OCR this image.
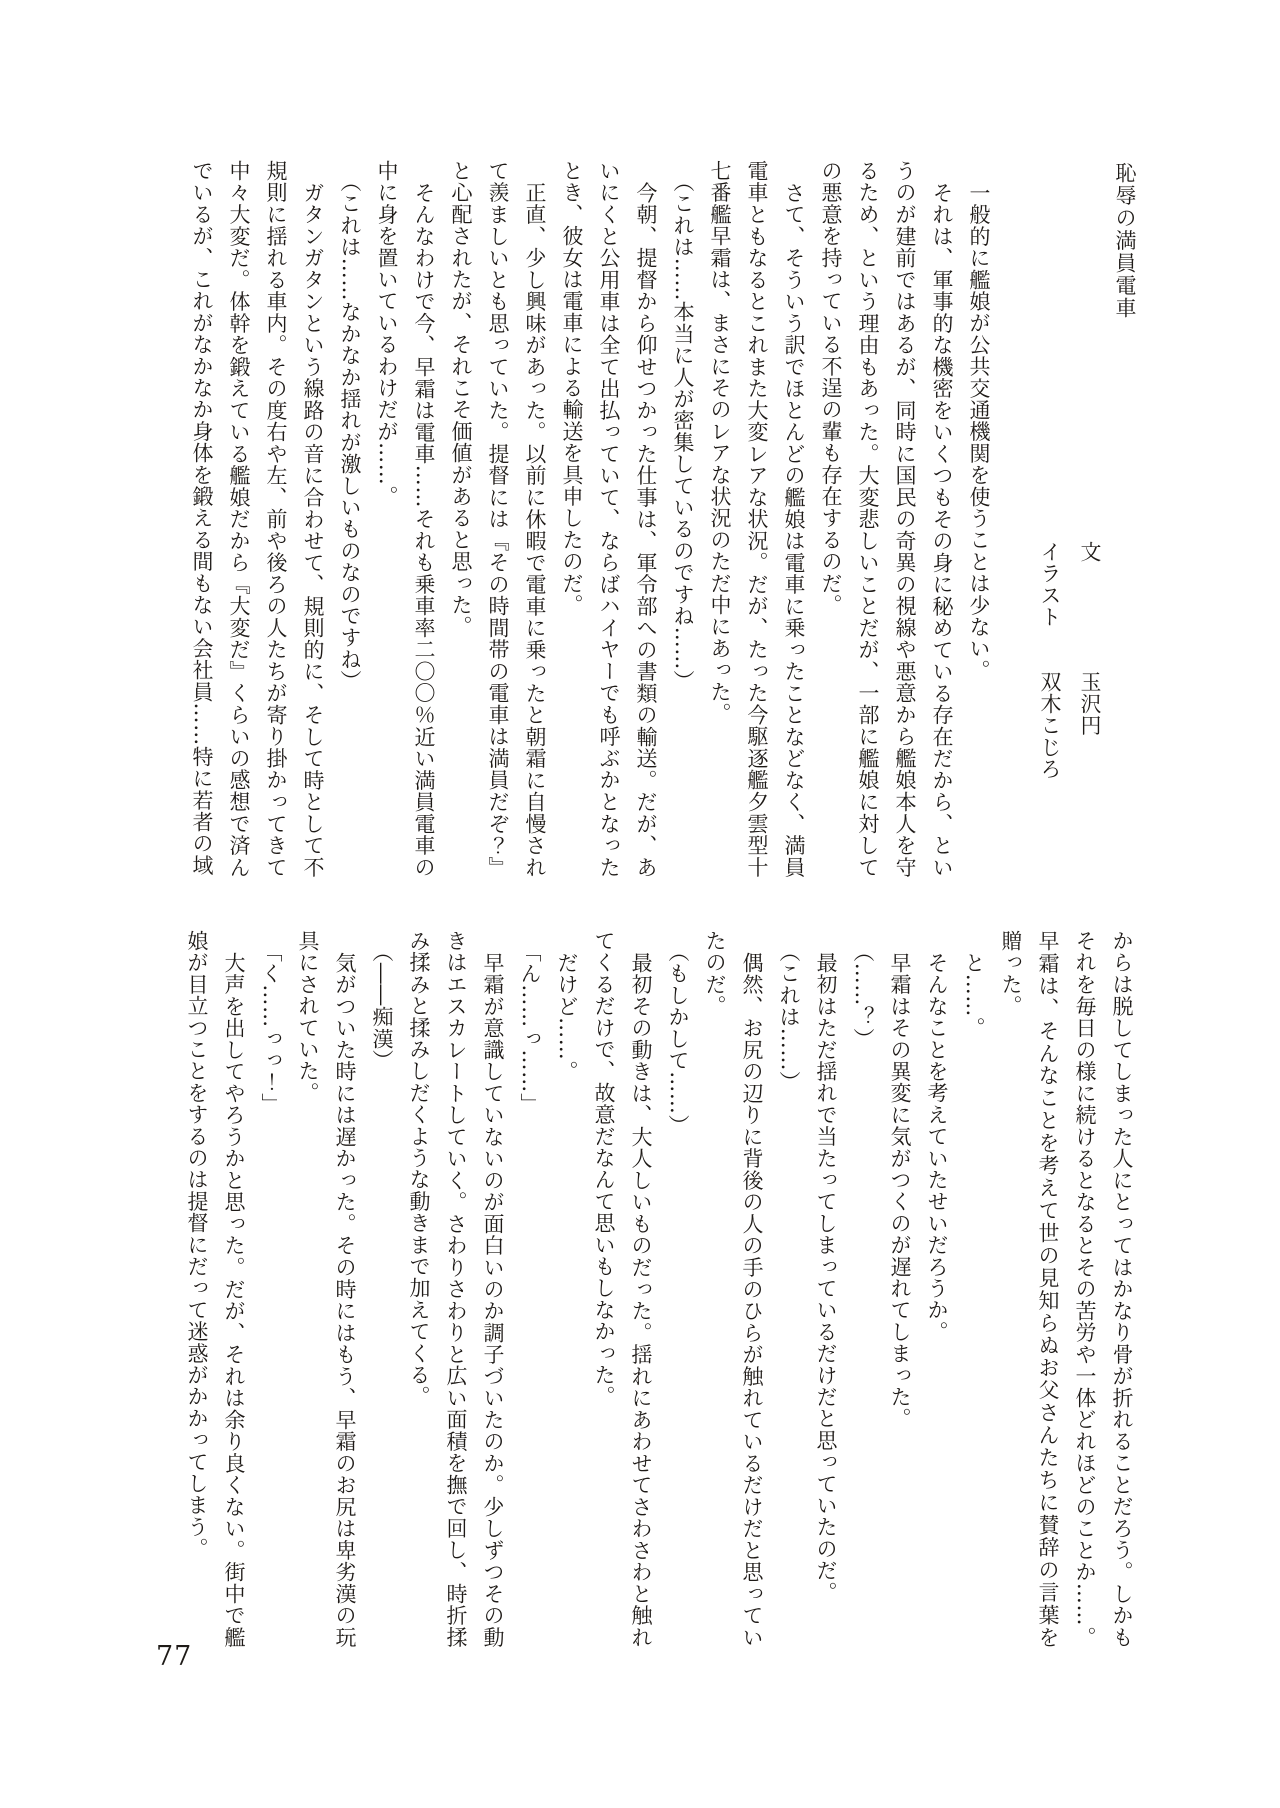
恥辱の満員電車

文　　　　　玉沢円

イラスト　　双木こじろ

一般的に艦娘が公共交通機関を使うことは少ない。

それは、軍事的な機密をいくつもその身に秘めている存在だから、というのが建前ではあるが、同時に国民の奇異の視線や悪意から艦娘本人を守るため、という理由もあった。大変悲しいことだが、一部に艦娘に対しての悪意を持っている不逞の輩も存在するのだ。

さて、そういう訳でほとんどの艦娘は電車に乗ったことなどなく、満員電車ともなるとこれまた大変レアな状況。だが、たった今駆逐艦夕雲型十七番艦早霜は、まさにそのレアな状況のただ中にあった。

（これは……本当に人が密集しているのですね……）

今朝、提督から仰せつかった仕事は、軍令部への書類の輸送。だが、あいにくと公用車は全て出払っていて、ならばハイヤーでも呼ぶかとなったとき、彼女は電車による輸送を具申したのだ。

正直、少し興味があった。以前に休暇で電車に乗ったと朝霜に自慢されて羨ましいとも思っていた。提督には『その時間帯の電車は満員だぞ？』と心配されたが、それこそ価値があると思った。

そんなわけで今、早霜は電車……それも乗車率二〇〇％近い満員電車の中に身を置いているわけだが……。

（これは……なかなか揺れが激しいものなのですね）

ガタンガタンという線路の音に合わせて、規則的に、そして時として不規則に揺れる車内。その度右や左、前や後ろの人たちが寄り掛かってきて中々大変だ。体幹を鍛えている艦娘だから『大変だ』くらいの感想で済んでいるが、これがなかなか身体を鍛える間もない会社員……特に若者の域

からは脱してしまった人にとってはかなり骨が折れることだろう。しかもそれを毎日の様に続けるとなるとその苦労や一体どれほどのことか……。早霜は、そんなことを考えて世の見知らぬお父さんたちに賛辞の言葉を贈った。

と……。

そんなことを考えていたせいだろうか。

早霜はその異変に気がつくのが遅れてしまった。

（……？）

最初はただ揺れで当たってしまっているだけだと思っていたのだ。

（これは……）

偶然、お尻の辺りに背後の人の手のひらが触れているだけだと思っていたのだ。

（もしかして……）

最初その動きは、大人しいものだった。揺れにあわせてさわさわと触れてくるだけで、故意だなんて思いもしなかった。

だけど……。

「ん……っ……」

早霜が意識していないのが面白いのか調子づいたのか。少しずつその動きはエスカレートしていく。さわりさわりと広い面積を撫で回し、時折揉み揉みと揉みしだくような動きまで加えてくる。

（――痴漢）

気がついた時には遅かった。その時にはもう、早霜のお尻は卑劣漢の玩具にされていた。

「く……っっ！」

大声を出してやろうかと思った。だが、それは余り良くない。街中で艦娘が目立つことをするのは提督にだって迷惑がかかってしまう。

77
